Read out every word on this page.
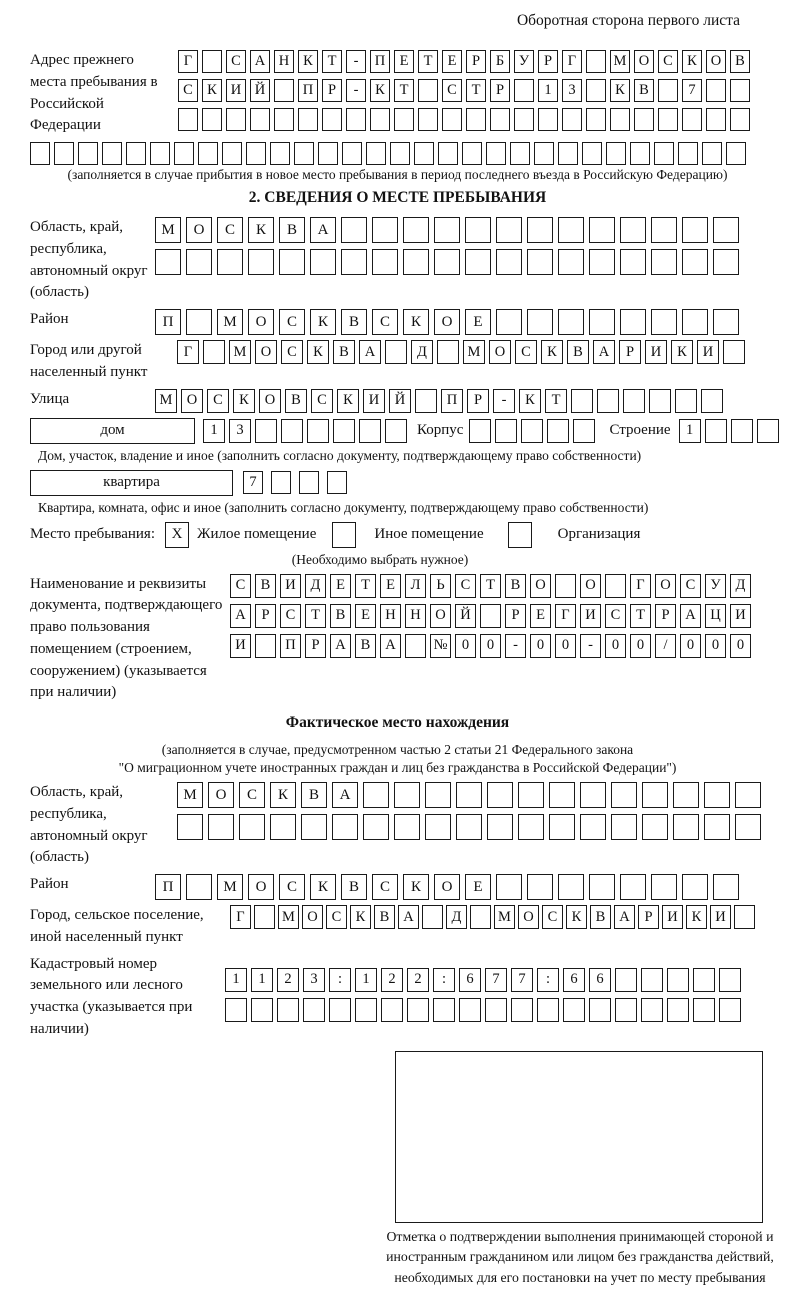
Оборотная сторона первого листа
Адрес прежнего места пребывания в Российской Федерации
Г	С А Н К	Т	-	П Е	Т	Е	Р	Б	У	Р	Г	М О С К О В
С К И Й	П	Р	-	К	Т	С	Т	Р	1	3	К В	7
(заполняется в случае прибытия в новое место пребывания в период последнего въезда в Российскую Федерацию)
2. СВЕДЕНИЯ О МЕСТЕ ПРЕБЫВАНИЯ
Область, край, республика, автономный округ (область)
М	О	С	К	В	А
Район	П	М	О	С	К	В	С	К	О	Е
Город или другой населенный пункт
Г	М О	С	К	В	А	Д	М О	С	К	В	А	Р	И	К	И
Улица	М О	С	К	О	В	С	К	И	Й	П	Р	-	К	Т
дом	1	3	Корпус	Строение	1
Дом, участок, владение и иное (заполнить согласно документу, подтверждающему право собственности)
квартира	7
Квартира, комната, офис и иное (заполнить согласно документу, подтверждающему право собственности)
Место пребывания:	X Жилое помещение	Иное помещение	Организация
(Необходимо выбрать нужное)
Наименование и реквизиты документа, подтверждающего право пользования помещением (строением, сооружением) (указывается при наличии)
С	В	И	Д	Е	Т	Е	Л	Ь	С	Т	В	О	О	Г	О	С	У	Д
А	Р	С	Т	В	Е	Н	Н	О	Й	Р	Е	Г	И	С	Т	Р	А	Ц	И
И	П	Р	А	В	А	№ 0	0	-	0	0	-	0	0	/	0	0	0
Фактическое место нахождения
(заполняется в случае, предусмотренном частью 2 статьи 21 Федерального закона
"О миграционном учете иностранных граждан и лиц без гражданства в Российской Федерации")
Область, край, республика, автономный округ (область)
М	О	С	К	В	А
Район	П	М	О	С	К	В	С	К	О	Е
Город, сельское поселение, иной населенный пункт
Г	М О С К В А	Д	М О С К В А	Р	И К И
Кадастровый номер земельного или лесного участка (указывается при наличии)
1	1	2	3	:	1	2	2	:	6	7	7	:	6	6
Отметка о подтверждении выполнения принимающей стороной и иностранным гражданином или лицом без гражданства действий, необходимых для его постановки на учет по месту пребывания
